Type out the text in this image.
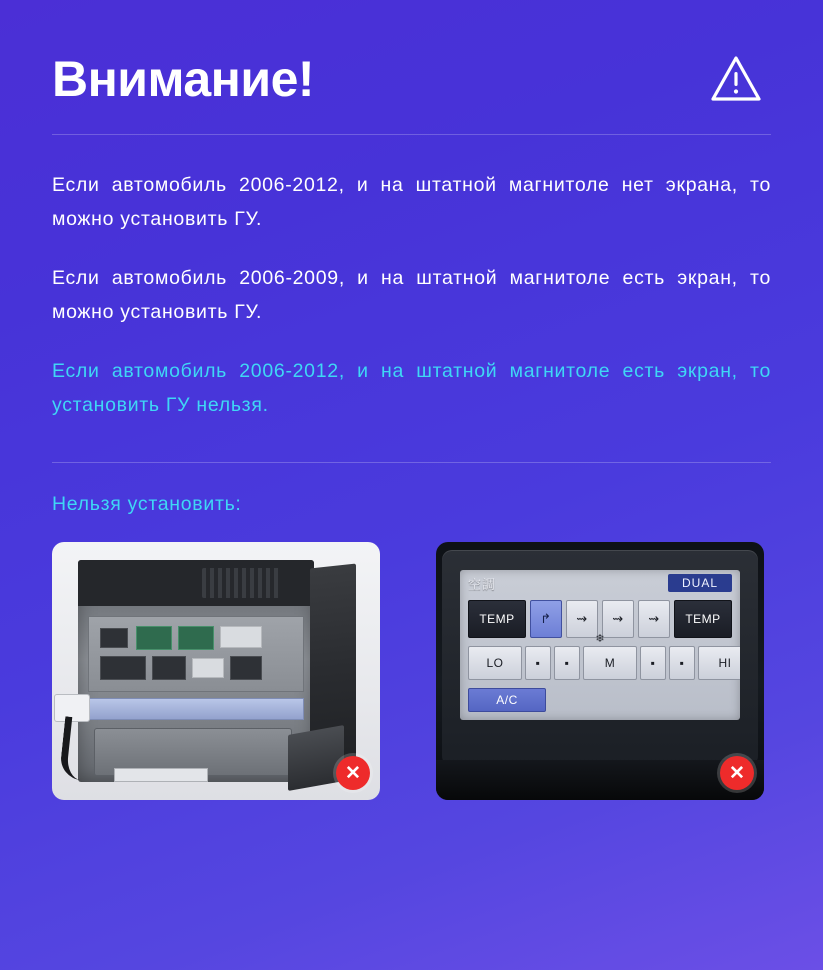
Внимание!

Если автомобиль 2006-2012, и на штатной магнитоле нет экрана, то можно установить ГУ.

Если автомобиль 2006-2009, и на штатной магнитоле есть экран, то можно установить ГУ.

Если автомобиль 2006-2012, и на штатной магнитоле есть экран, то установить ГУ нельзя.

Нельзя установить:
✕
空調	DUAL
TEMP	↱ ⇝ ⇝ ⇝	TEMP
❄
LO	▪	▪	M	▪	▪	HI
A/C
✕
